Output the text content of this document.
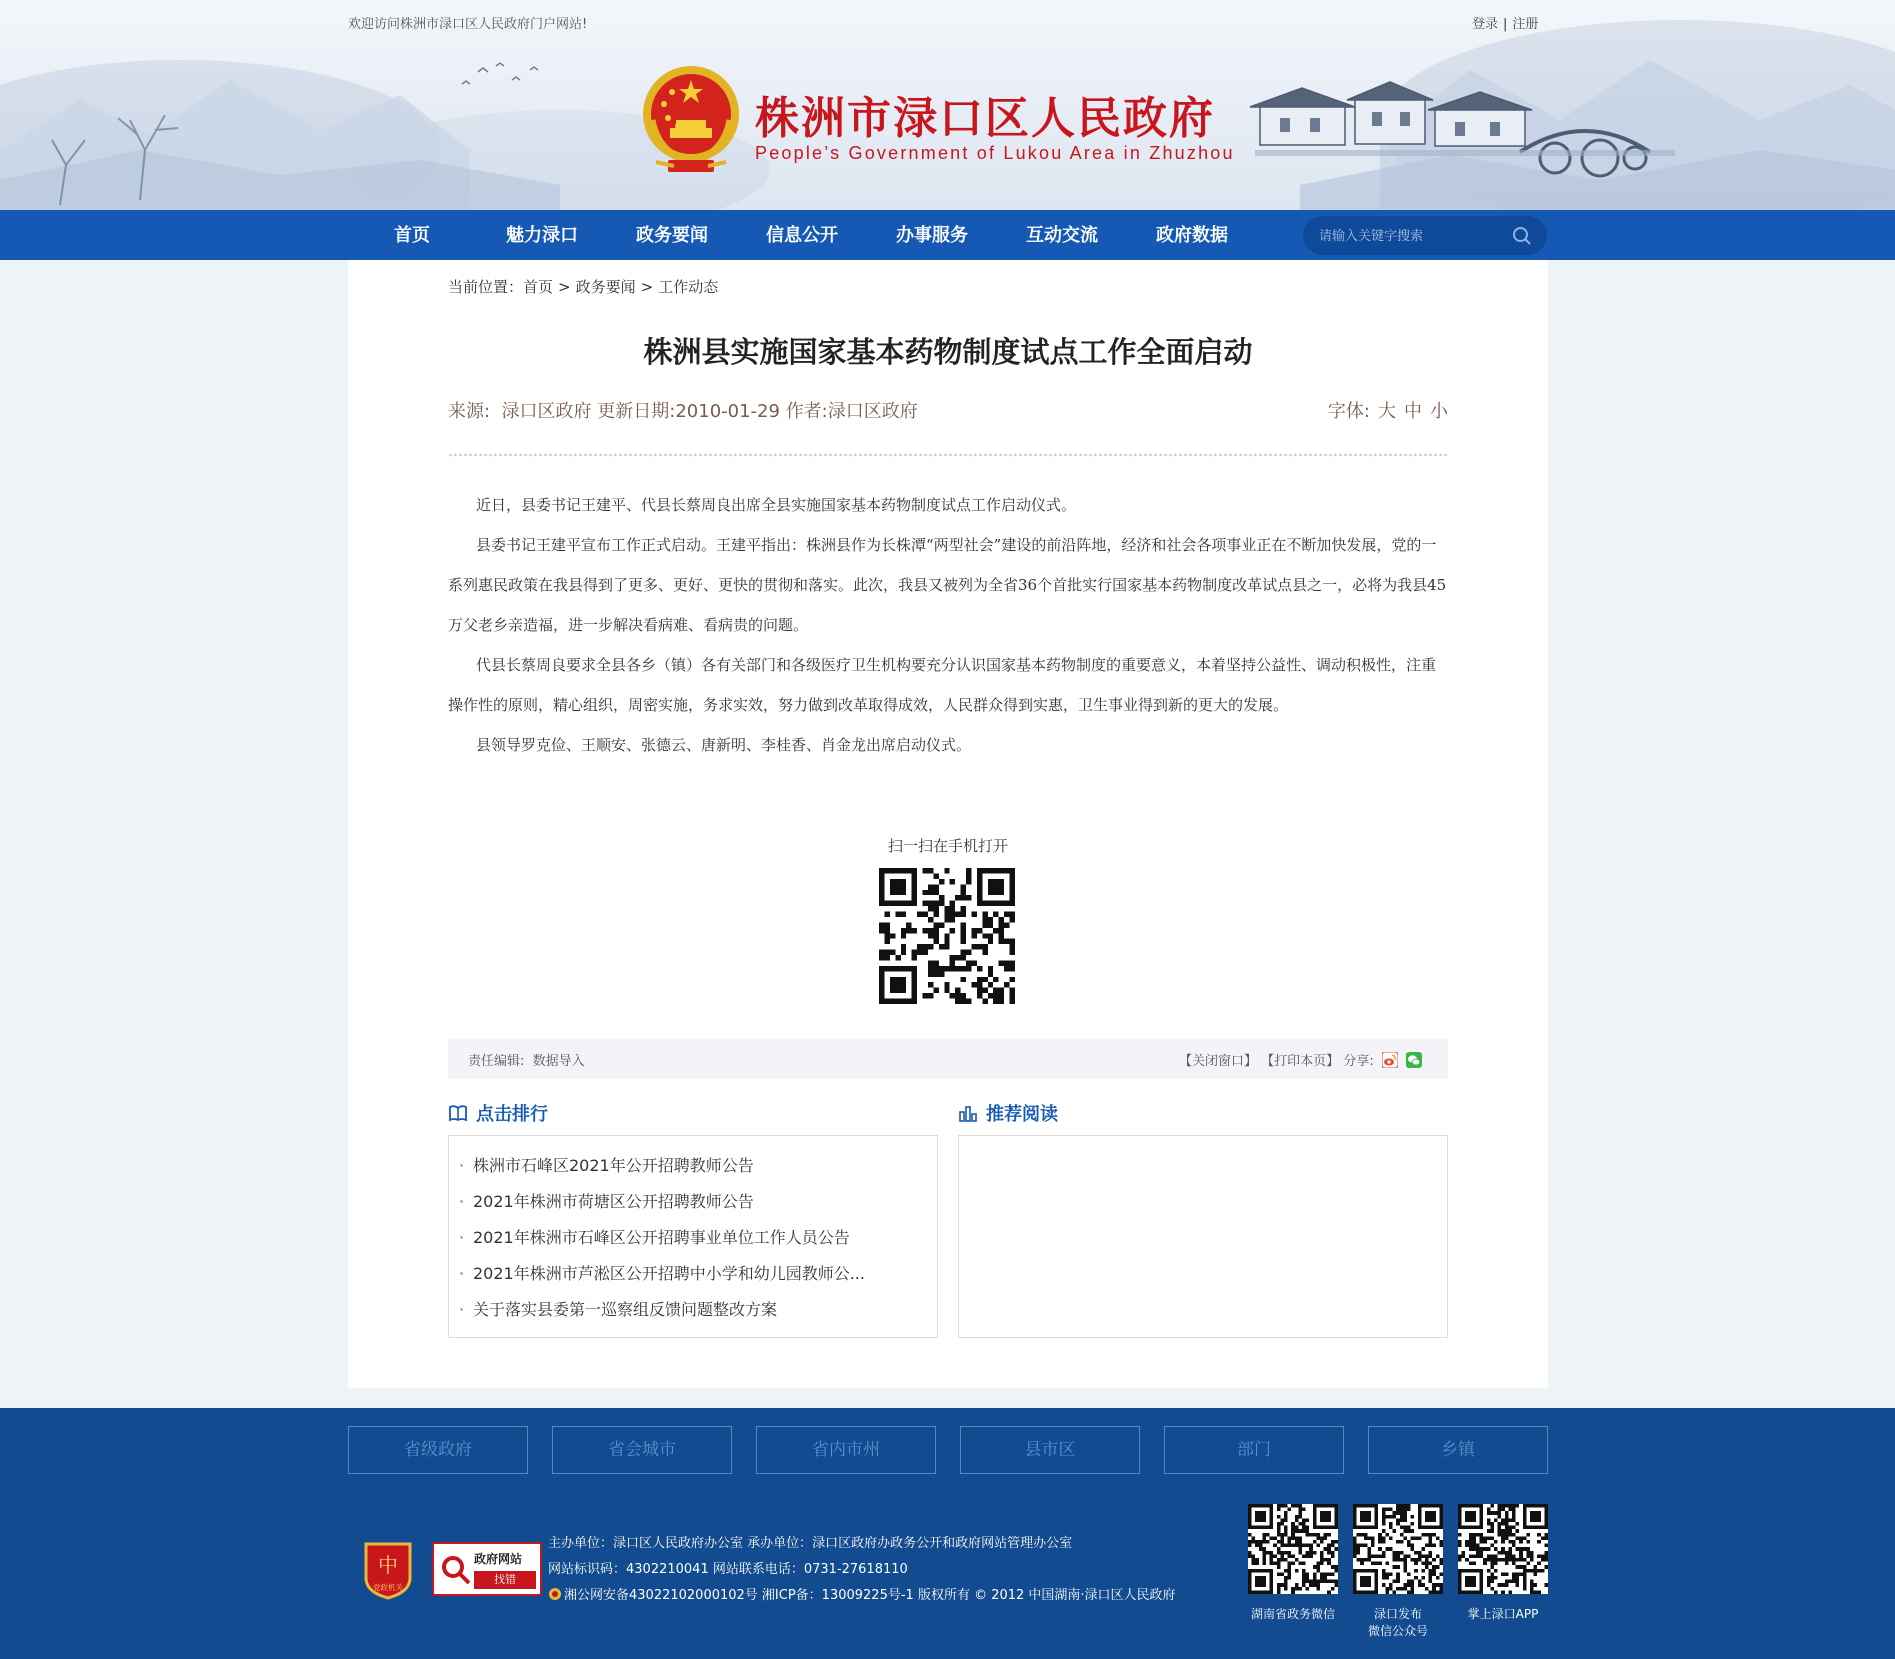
欢迎访问株洲市渌口区人民政府门户网站!	登录 | 注册
株洲市渌口区人民政府
People’s Government of Lukou Area in Zhuzhou
首页	魅力渌口	政务要闻	信息公开	办事服务	互动交流	政府数据
请输入关键字搜索
当前位置：首页 > 政务要闻 > 工作动态
株洲县实施国家基本药物制度试点工作全面启动
来源: 渌口区政府 更新日期:2010-01-29 作者:渌口区政府	字体: 大 中 小

近日，县委书记王建平、代县长蔡周良出席全县实施国家基本药物制度试点工作启动仪式。

县委书记王建平宣布工作正式启动。王建平指出：株洲县作为长株潭“两型社会”建设的前沿阵地，经济和社会各项事业正在不断加快发展，党的一系列惠民政策在我县得到了更多、更好、更快的贯彻和落实。此次，我县又被列为全省36个首批实行国家基本药物制度改革试点县之一，必将为我县45万父老乡亲造福，进一步解决看病难、看病贵的问题。

代县长蔡周良要求全县各乡（镇）各有关部门和各级医疗卫生机构要充分认识国家基本药物制度的重要意义，本着坚持公益性、调动积极性，注重操作性的原则，精心组织，周密实施，务求实效，努力做到改革取得成效，人民群众得到实惠，卫生事业得到新的更大的发展。

县领导罗克俭、王顺安、张德云、唐新明、李桂香、肖金龙出席启动仪式。

扫一扫在手机打开
责任编辑: 数据导入	【关闭窗口】 【打印本页】 分享:
点击排行
· 株洲市石峰区2021年公开招聘教师公告
· 2021年株洲市荷塘区公开招聘教师公告
· 2021年株洲市石峰区公开招聘事业单位工作人员公告
· 2021年株洲市芦淞区公开招聘中小学和幼儿园教师公...
· 关于落实县委第一巡察组反馈问题整改方案
推荐阅读
省级政府	省会城市	省内市州	县市区	部门	乡镇
中
党政机关
政府网站
找错
主办单位：渌口区人民政府办公室 承办单位：渌口区政府办政务公开和政府网站管理办公室
网站标识码：4302210041 网站联系电话：0731-27618110
湘公网安备43022102000102号 湘ICP备：13009225号-1 版权所有 © 2012 中国湖南·渌口区人民政府
湖南省政务微信	渌口发布
微信公众号
掌上渌口APP
